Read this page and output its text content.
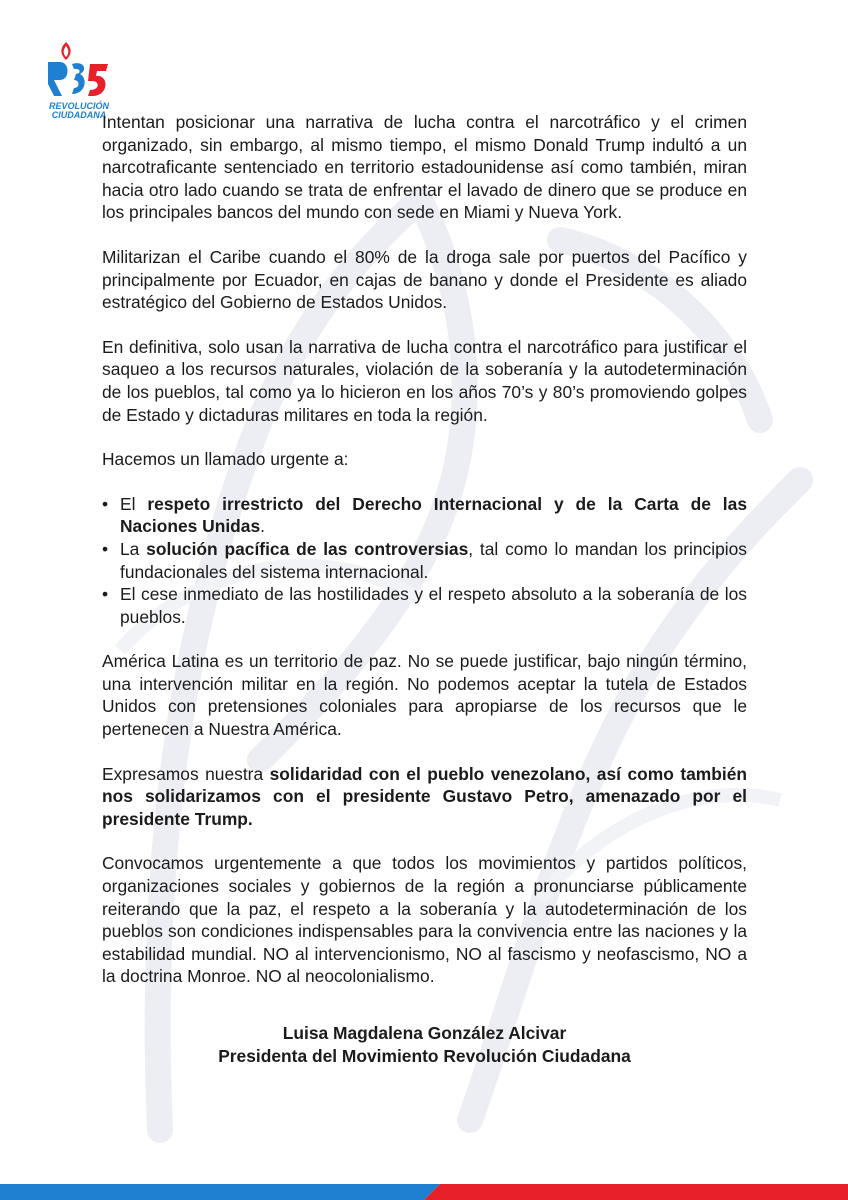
REVOLUCIÓN
CIUDADANA

Intentan posicionar una narrativa de lucha contra el narcotráfico y el crimen organizado, sin embargo, al mismo tiempo, el mismo Donald Trump indultó a un narcotraficante sentenciado en territorio estadounidense así como también, miran hacia otro lado cuando se trata de enfrentar el lavado de dinero que se produce en los principales bancos del mundo con sede en Miami y Nueva York.

Militarizan el Caribe cuando el 80% de la droga sale por puertos del Pacífico y principalmente por Ecuador, en cajas de banano y donde el Presidente es aliado estratégico del Gobierno de Estados Unidos.

En definitiva, solo usan la narrativa de lucha contra el narcotráfico para justificar el saqueo a los recursos naturales, violación de la soberanía y la autodeterminación de los pueblos, tal como ya lo hicieron en los años 70’s y 80’s promoviendo golpes de Estado y dictaduras militares en toda la región.

Hacemos un llamado urgente a:

• El respeto irrestricto del Derecho Internacional y de la Carta de las Naciones Unidas.
• La solución pacífica de las controversias, tal como lo mandan los principios fundacionales del sistema internacional.
• El cese inmediato de las hostilidades y el respeto absoluto a la soberanía de los pueblos.

América Latina es un territorio de paz. No se puede justificar, bajo ningún término, una intervención militar en la región. No podemos aceptar la tutela de Estados Unidos con pretensiones coloniales para apropiarse de los recursos que le pertenecen a Nuestra América.

Expresamos nuestra solidaridad con el pueblo venezolano, así como también nos solidarizamos con el presidente Gustavo Petro, amenazado por el presidente Trump.

Convocamos urgentemente a que todos los movimientos y partidos políticos, organizaciones sociales y gobiernos de la región a pronunciarse públicamente reiterando que la paz, el respeto a la soberanía y la autodeterminación de los pueblos son condiciones indispensables para la convivencia entre las naciones y la estabilidad mundial. NO al intervencionismo, NO al fascismo y neofascismo, NO a la doctrina Monroe. NO al neocolonialismo.

Luisa Magdalena González Alcivar
Presidenta del Movimiento Revolución Ciudadana
